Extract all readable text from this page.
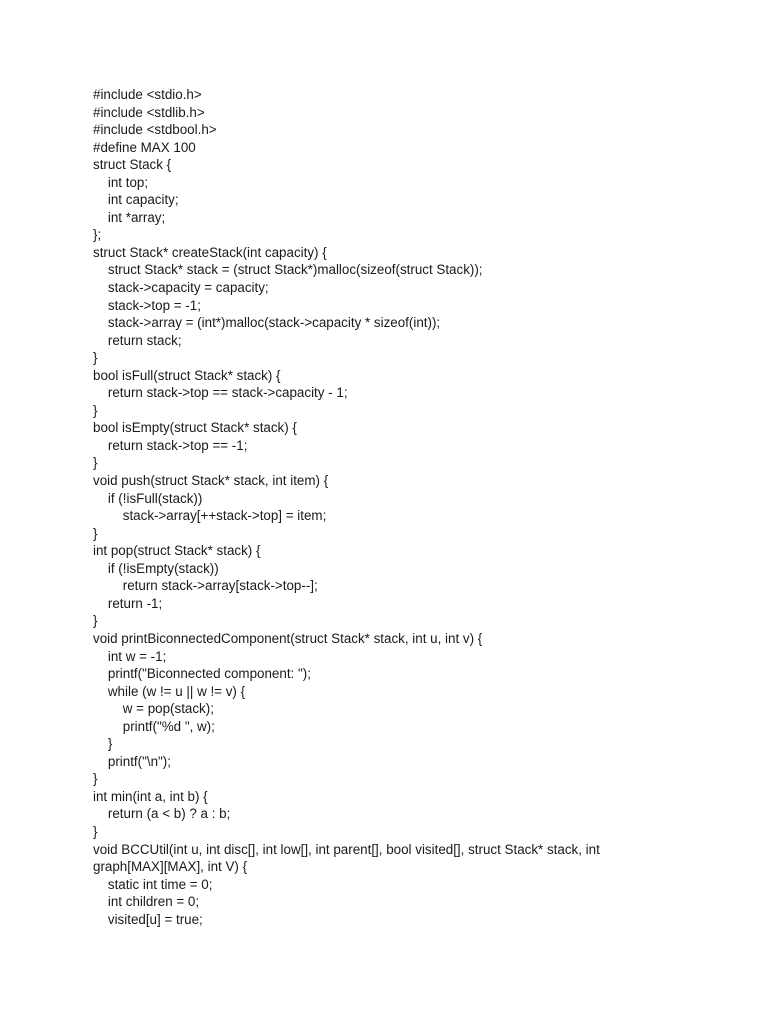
#include <stdio.h>
#include <stdlib.h>
#include <stdbool.h>
#define MAX 100
struct Stack {
int top;
int capacity;
int *array;
};
struct Stack* createStack(int capacity) {
struct Stack* stack = (struct Stack*)malloc(sizeof(struct Stack));
stack->capacity = capacity;
stack->top = -1;
stack->array = (int*)malloc(stack->capacity * sizeof(int));
return stack;
}
bool isFull(struct Stack* stack) {
return stack->top == stack->capacity - 1;
}
bool isEmpty(struct Stack* stack) {
return stack->top == -1;
}
void push(struct Stack* stack, int item) {
if (!isFull(stack))
stack->array[++stack->top] = item;
}
int pop(struct Stack* stack) {
if (!isEmpty(stack))
return stack->array[stack->top--];
return -1;
}
void printBiconnectedComponent(struct Stack* stack, int u, int v) {
int w = -1;
printf("Biconnected component: ");
while (w != u || w != v) {
w = pop(stack);
printf("%d ", w);
}
printf("\n");
}
int min(int a, int b) {
return (a < b) ? a : b;
}
void BCCUtil(int u, int disc[], int low[], int parent[], bool visited[], struct Stack* stack, int
graph[MAX][MAX], int V) {
static int time = 0;
int children = 0;
visited[u] = true;
